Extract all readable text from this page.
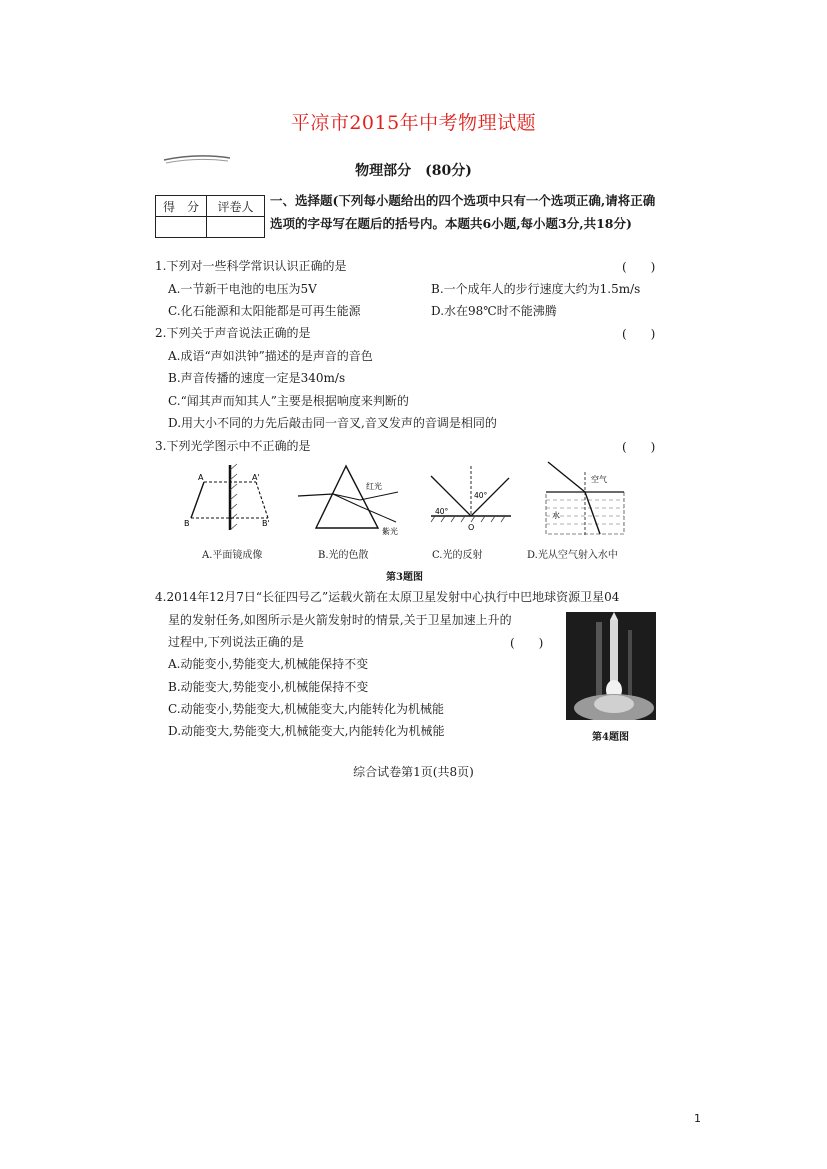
平凉市2015年中考物理试题
物理部分　(80分)
得　分	评卷人
	一、选择题(下列每小题给出的四个选项中只有一个选项正确,请将正确选项的字母写在题后的括号内。本题共6小题,每小题3分,共18分)
1.下列对一些科学常识认识正确的是	(　　)
A.一节新干电池的电压为5V	B.一个成年人的步行速度大约为1.5m/s
C.化石能源和太阳能都是可再生能源	D.水在98℃时不能沸腾
2.下列关于声音说法正确的是	(　　)
A.成语“声如洪钟”描述的是声音的音色
B.声音传播的速度一定是340m/s
C.“闻其声而知其人”主要是根据响度来判断的
D.用大小不同的力先后敲击同一音叉,音叉发声的音调是相同的
3.下列光学图示中不正确的是	(　　)
A	A'
B	B'
A.平面镜成像
红光
紫光
B.光的色散
40°
40°
O
C.光的反射
空气
水
D.光从空气射入水中
第3题图
4.2014年12月7日“长征四号乙”运载火箭在太原卫星发射中心执行中巴地球资源卫星04
星的发射任务,如图所示是火箭发射时的情景,关于卫星加速上升的
过程中,下列说法正确的是	(　　)
A.动能变小,势能变大,机械能保持不变
B.动能变大,势能变小,机械能保持不变
C.动能变小,势能变大,机械能变大,内能转化为机械能
D.动能变大,势能变大,机械能变大,内能转化为机械能	第4题图
综合试卷第1页(共8页)
1
